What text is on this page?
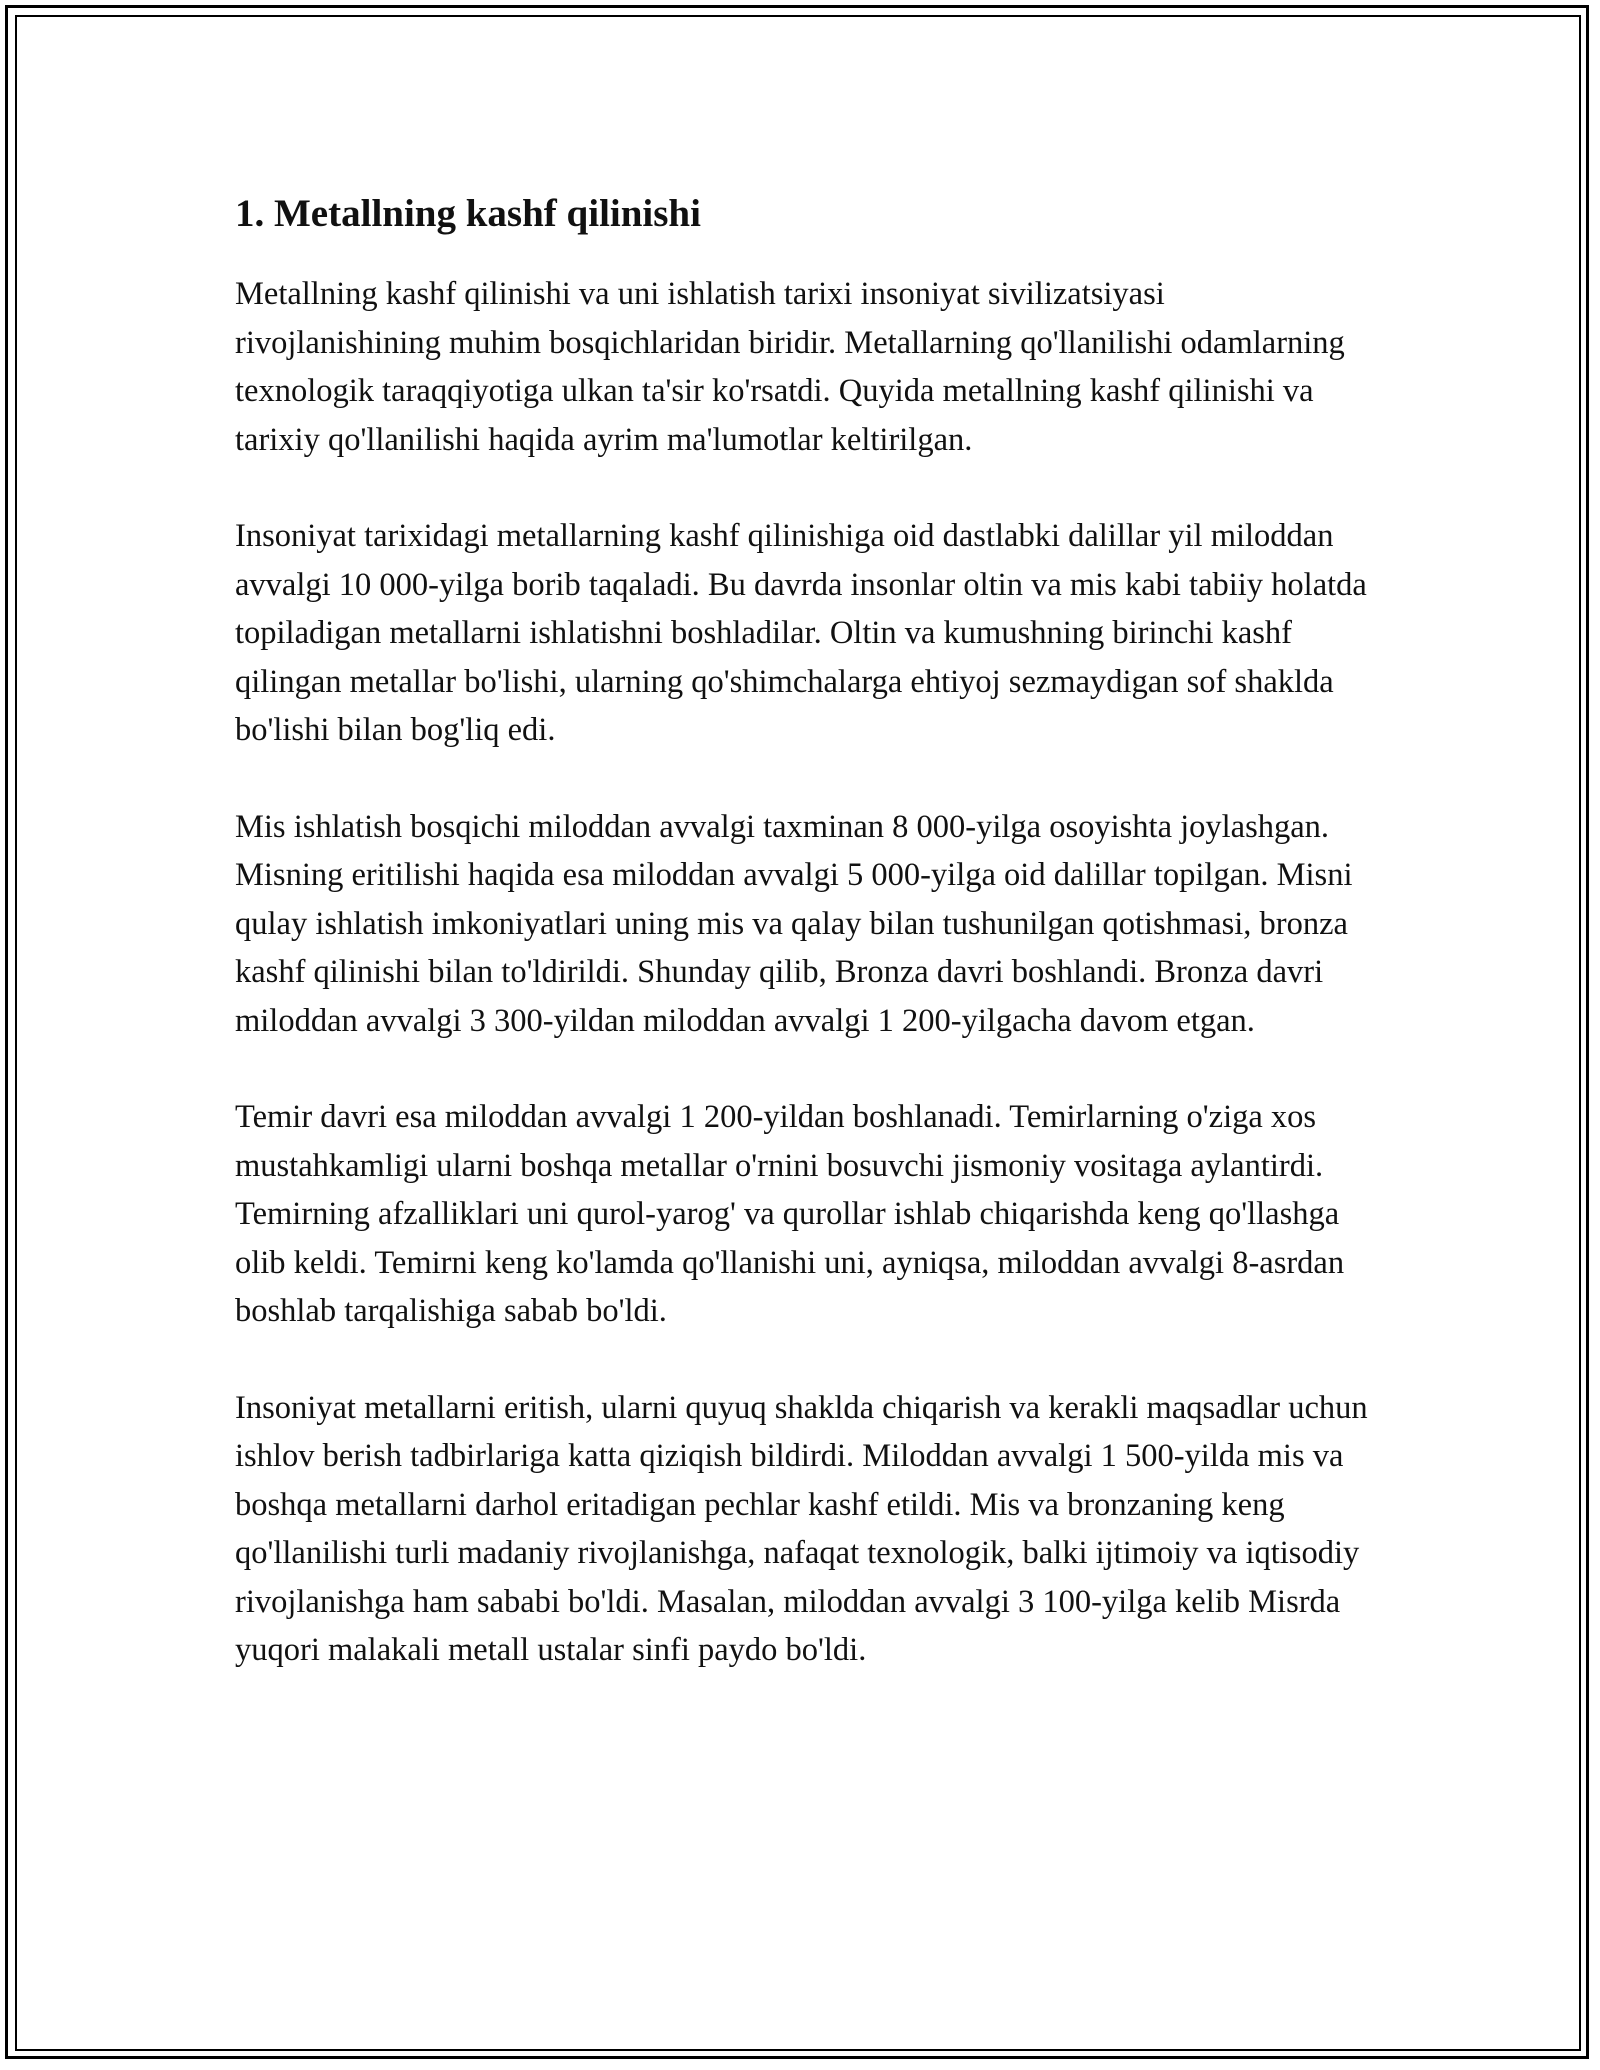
1. Metallning kashf qilinishi

Metallning kashf qilinishi va uni ishlatish tarixi insoniyat sivilizatsiyasi rivojlanishining muhim bosqichlaridan biridir. Metallarning qo'llanilishi odamlarning texnologik taraqqiyotiga ulkan ta'sir ko'rsatdi. Quyida metallning kashf qilinishi va tarixiy qo'llanilishi haqida ayrim ma'lumotlar keltirilgan.

Insoniyat tarixidagi metallarning kashf qilinishiga oid dastlabki dalillar yil miloddan avvalgi 10 000-yilga borib taqaladi. Bu davrda insonlar oltin va mis kabi tabiiy holatda topiladigan metallarni ishlatishni boshladilar. Oltin va kumushning birinchi kashf qilingan metallar bo'lishi, ularning qo'shimchalarga ehtiyoj sezmaydigan sof shaklda bo'lishi bilan bog'liq edi.

Mis ishlatish bosqichi miloddan avvalgi taxminan 8 000-yilga osoyishta joylashgan. Misning eritilishi haqida esa miloddan avvalgi 5 000-yilga oid dalillar topilgan. Misni qulay ishlatish imkoniyatlari uning mis va qalay bilan tushunilgan qotishmasi, bronza kashf qilinishi bilan to'ldirildi. Shunday qilib, Bronza davri boshlandi. Bronza davri miloddan avvalgi 3 300-yildan miloddan avvalgi 1 200-yilgacha davom etgan.

Temir davri esa miloddan avvalgi 1 200-yildan boshlanadi. Temirlarning o'ziga xos mustahkamligi ularni boshqa metallar o'rnini bosuvchi jismoniy vositaga aylantirdi. Temirning afzalliklari uni qurol-yarog' va qurollar ishlab chiqarishda keng qo'llashga olib keldi. Temirni keng ko'lamda qo'llanishi uni, ayniqsa, miloddan avvalgi 8-asrdan boshlab tarqalishiga sabab bo'ldi.

Insoniyat metallarni eritish, ularni quyuq shaklda chiqarish va kerakli maqsadlar uchun ishlov berish tadbirlariga katta qiziqish bildirdi. Miloddan avvalgi 1 500-yilda mis va boshqa metallarni darhol eritadigan pechlar kashf etildi. Mis va bronzaning keng qo'llanilishi turli madaniy rivojlanishga, nafaqat texnologik, balki ijtimoiy va iqtisodiy rivojlanishga ham sababi bo'ldi. Masalan, miloddan avvalgi 3 100-yilga kelib Misrda yuqori malakali metall ustalar sinfi paydo bo'ldi.
